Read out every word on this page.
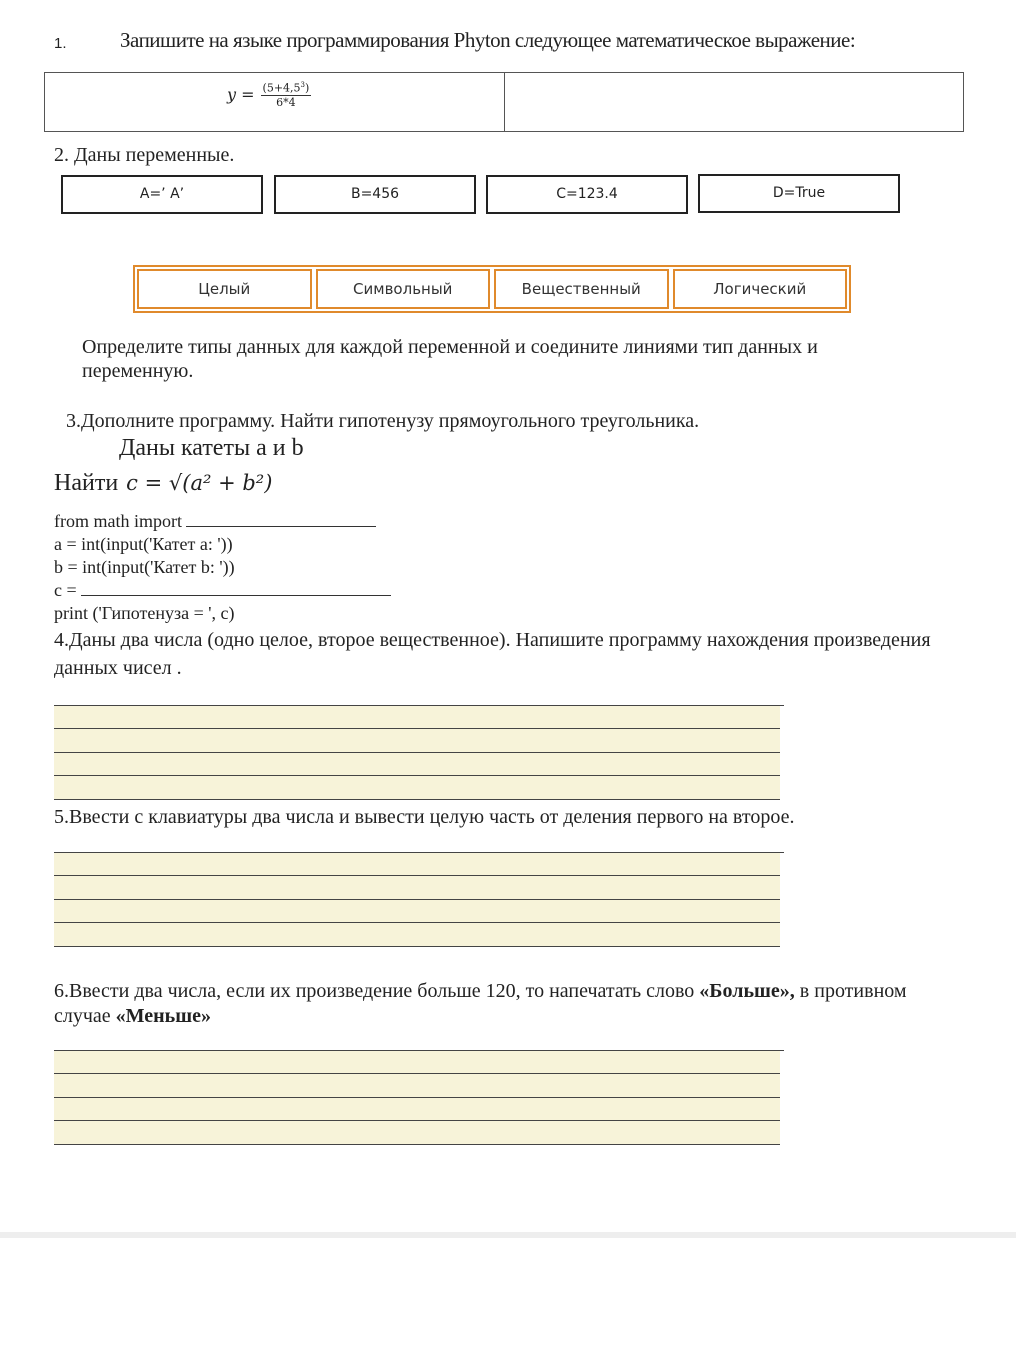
1.	Запишите на языке программирования Phyton следующее математическое выражение:
$y = \frac{(5+4,5^3)}{6*4}$
2. Даны переменные.
A=’ A’	B=456	C=123.4	D=True
Целый	Символьный	Вещественный	Логический
Определите типы данных для каждой переменной и соедините линиями тип данных и переменную.
3.Дополните программу. Найти гипотенузу прямоугольного треугольника.
Даны катеты a и b
Найти c = √(a² + b²)
from math import
a = int(input('Катет a: '))
b = int(input('Катет b: '))
c =
print ('Гипотенуза = ', c)
4.Даны два числа (одно целое, второе вещественное). Напишите программу нахождения произведения данных чисел .
5.Ввести с клавиатуры два числа и вывести целую часть от деления первого на второе.
6.Ввести два числа, если их произведение больше 120, то напечатать слово «Больше», в противном случае «Меньше»
